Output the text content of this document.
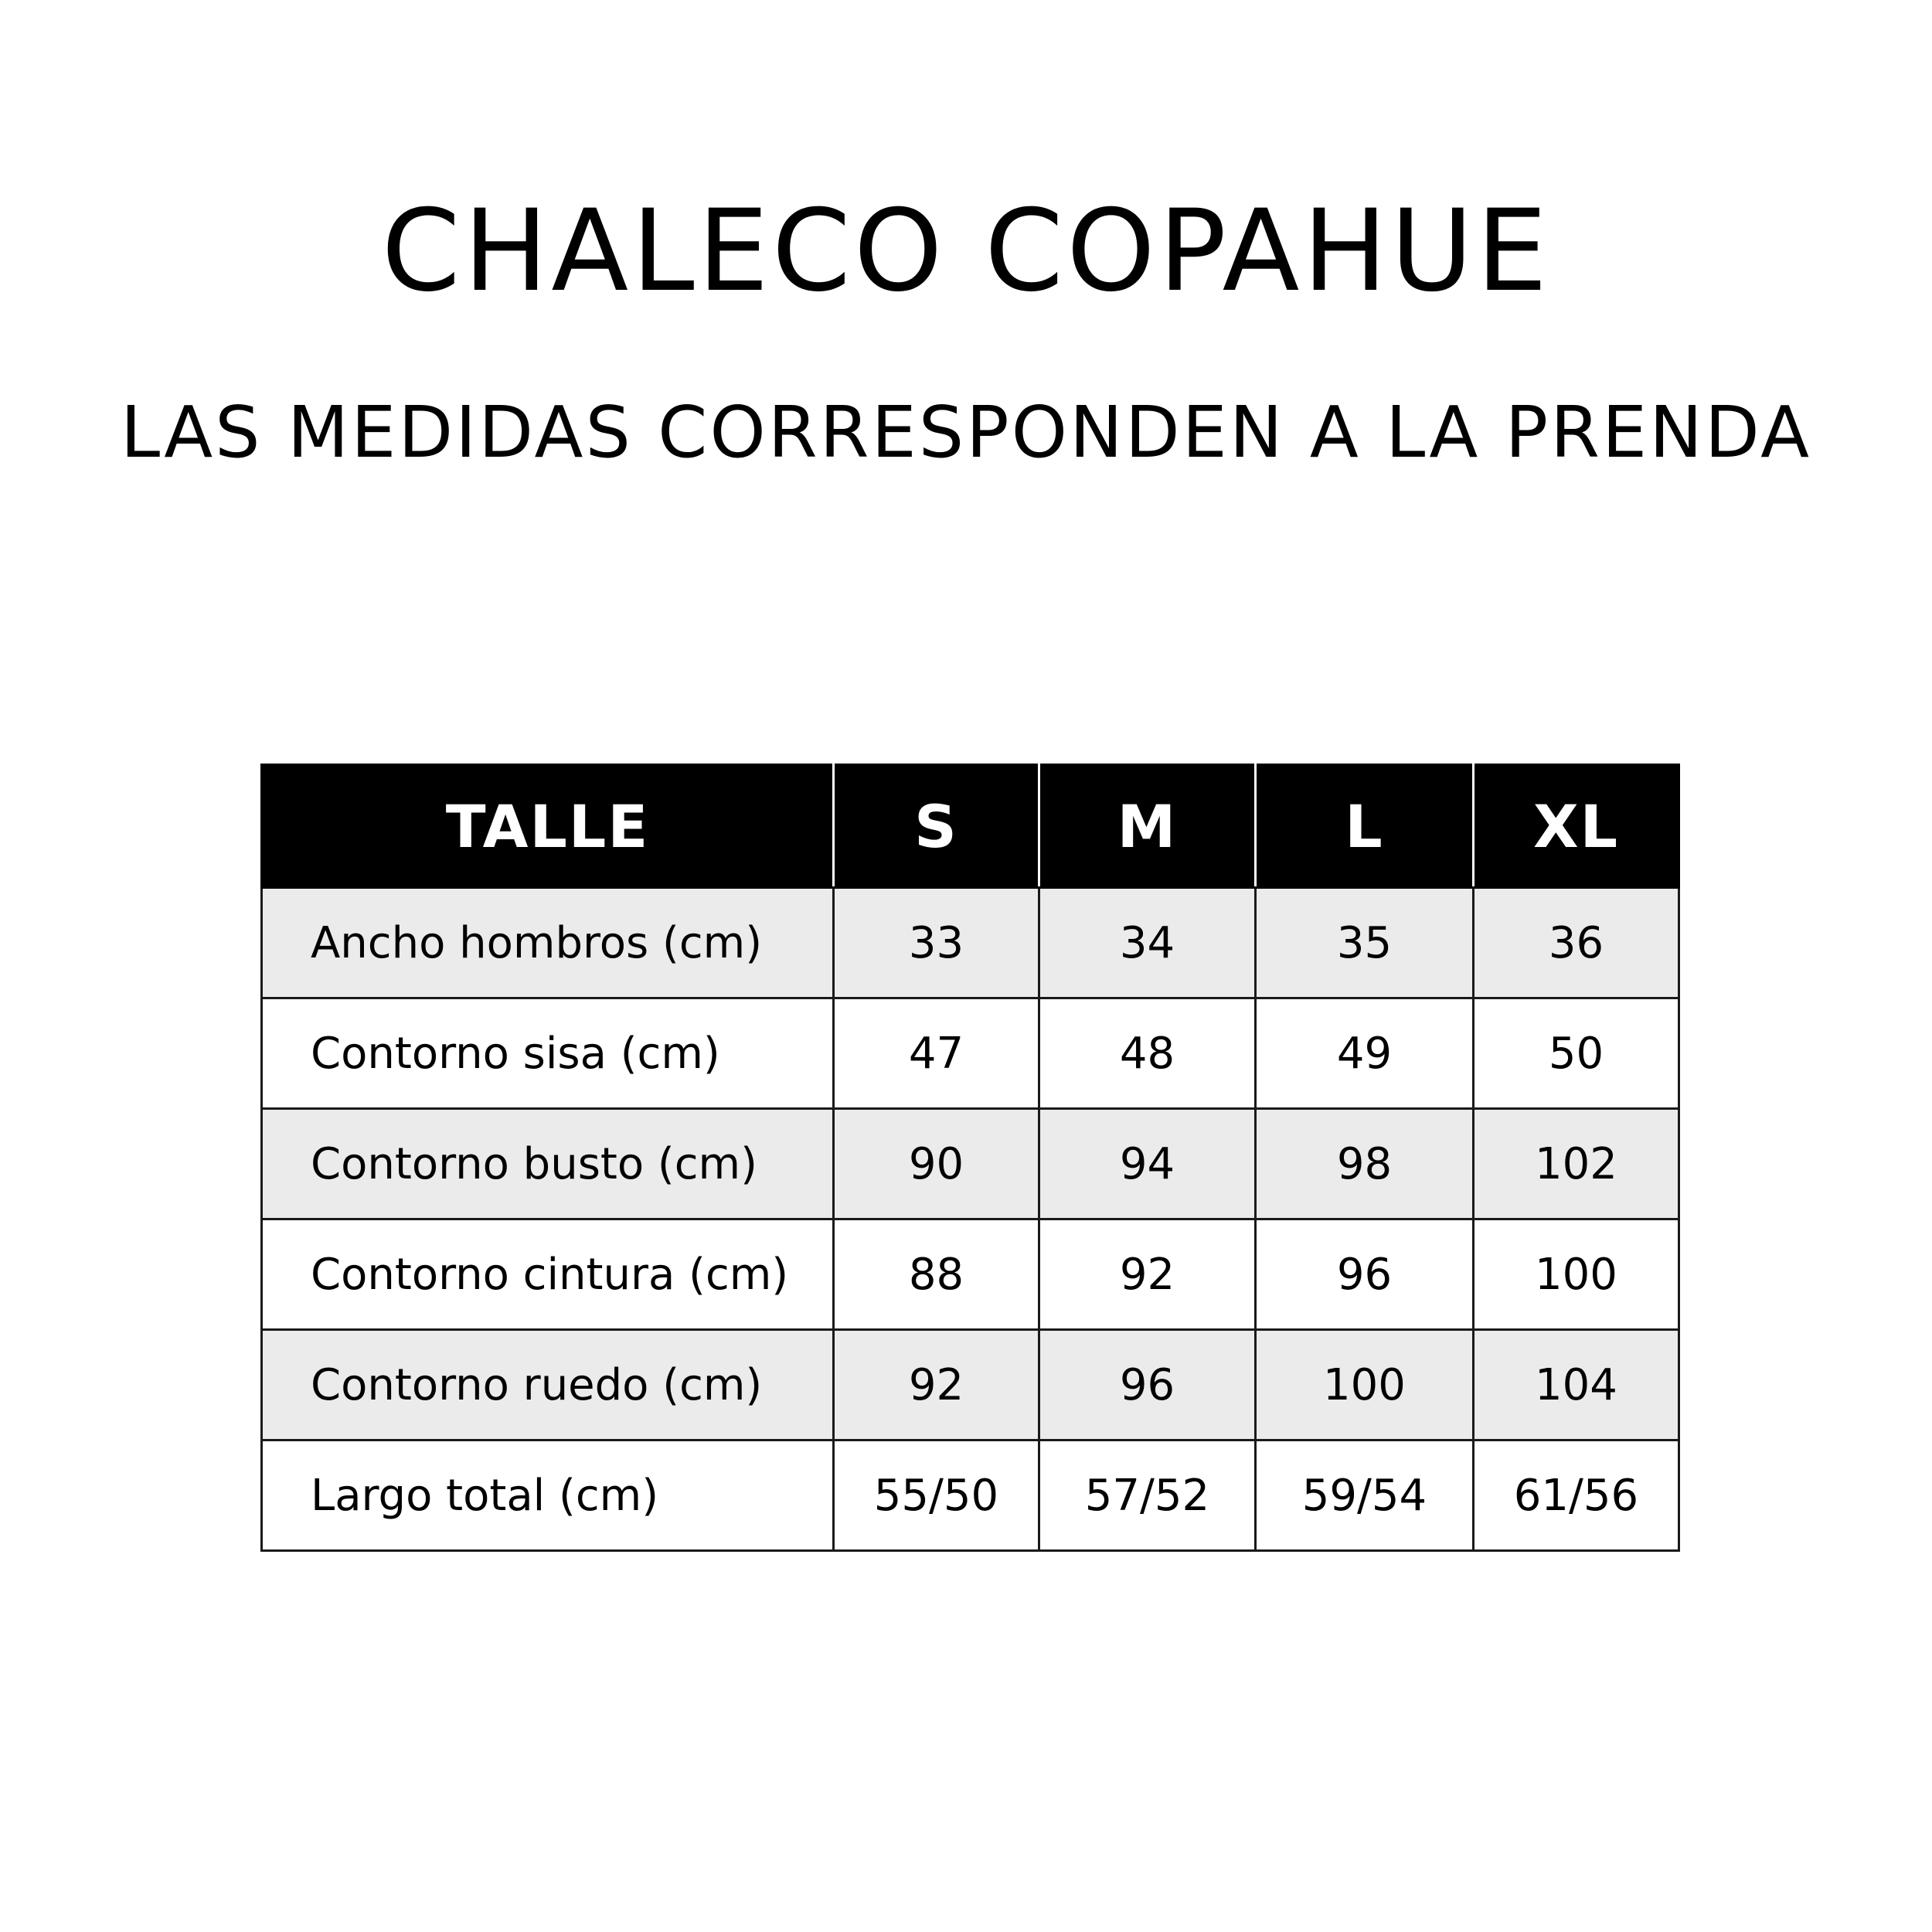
CHALECO COPAHUE
LAS MEDIDAS CORRESPONDEN A LA PRENDA
TALLE	S	M	L	XL
Ancho hombros (cm)	33	34	35	36
Contorno sisa (cm)	47	48	49	50
Contorno busto (cm)	90	94	98	102
Contorno cintura (cm)	88	92	96	100
Contorno ruedo (cm)	92	96	100	104
Largo total (cm)	55/50	57/52	59/54	61/56
